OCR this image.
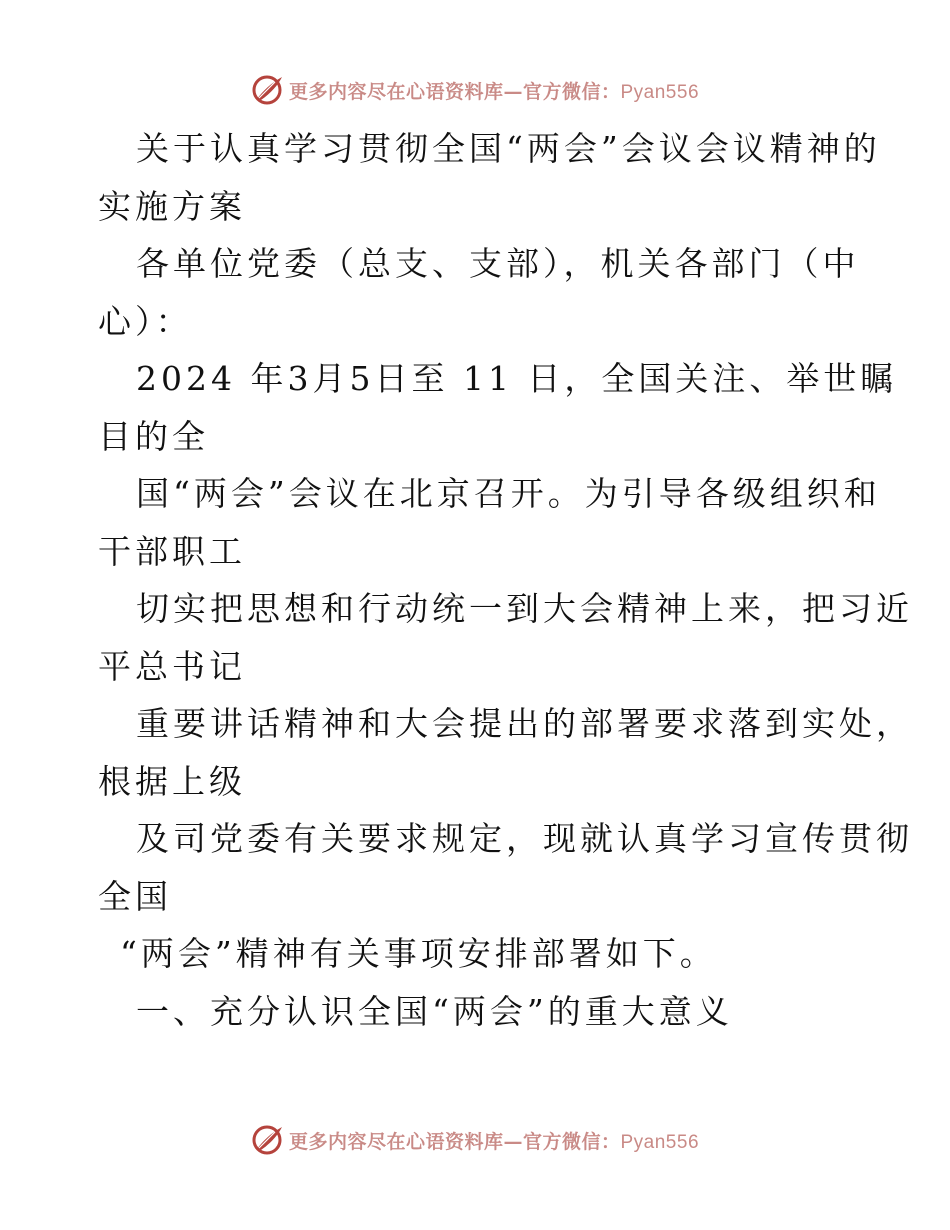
更多内容尽在心语资料库—官方微信：Pyan556
关于认真学习贯彻全国“两会”会议会议精神的
实施方案
各单位党委（总支、支部），机关各部门（中
心）：
2024 年3月5日至 11 日，全国关注、举世瞩
目的全
国“两会”会议在北京召开。为引导各级组织和
干部职工
切实把思想和行动统一到大会精神上来，把习近
平总书记
重要讲话精神和大会提出的部署要求落到实处，
根据上级
及司党委有关要求规定，现就认真学习宣传贯彻
全国
“两会”精神有关事项安排部署如下。
一、充分认识全国“两会”的重大意义
更多内容尽在心语资料库—官方微信：Pyan556
